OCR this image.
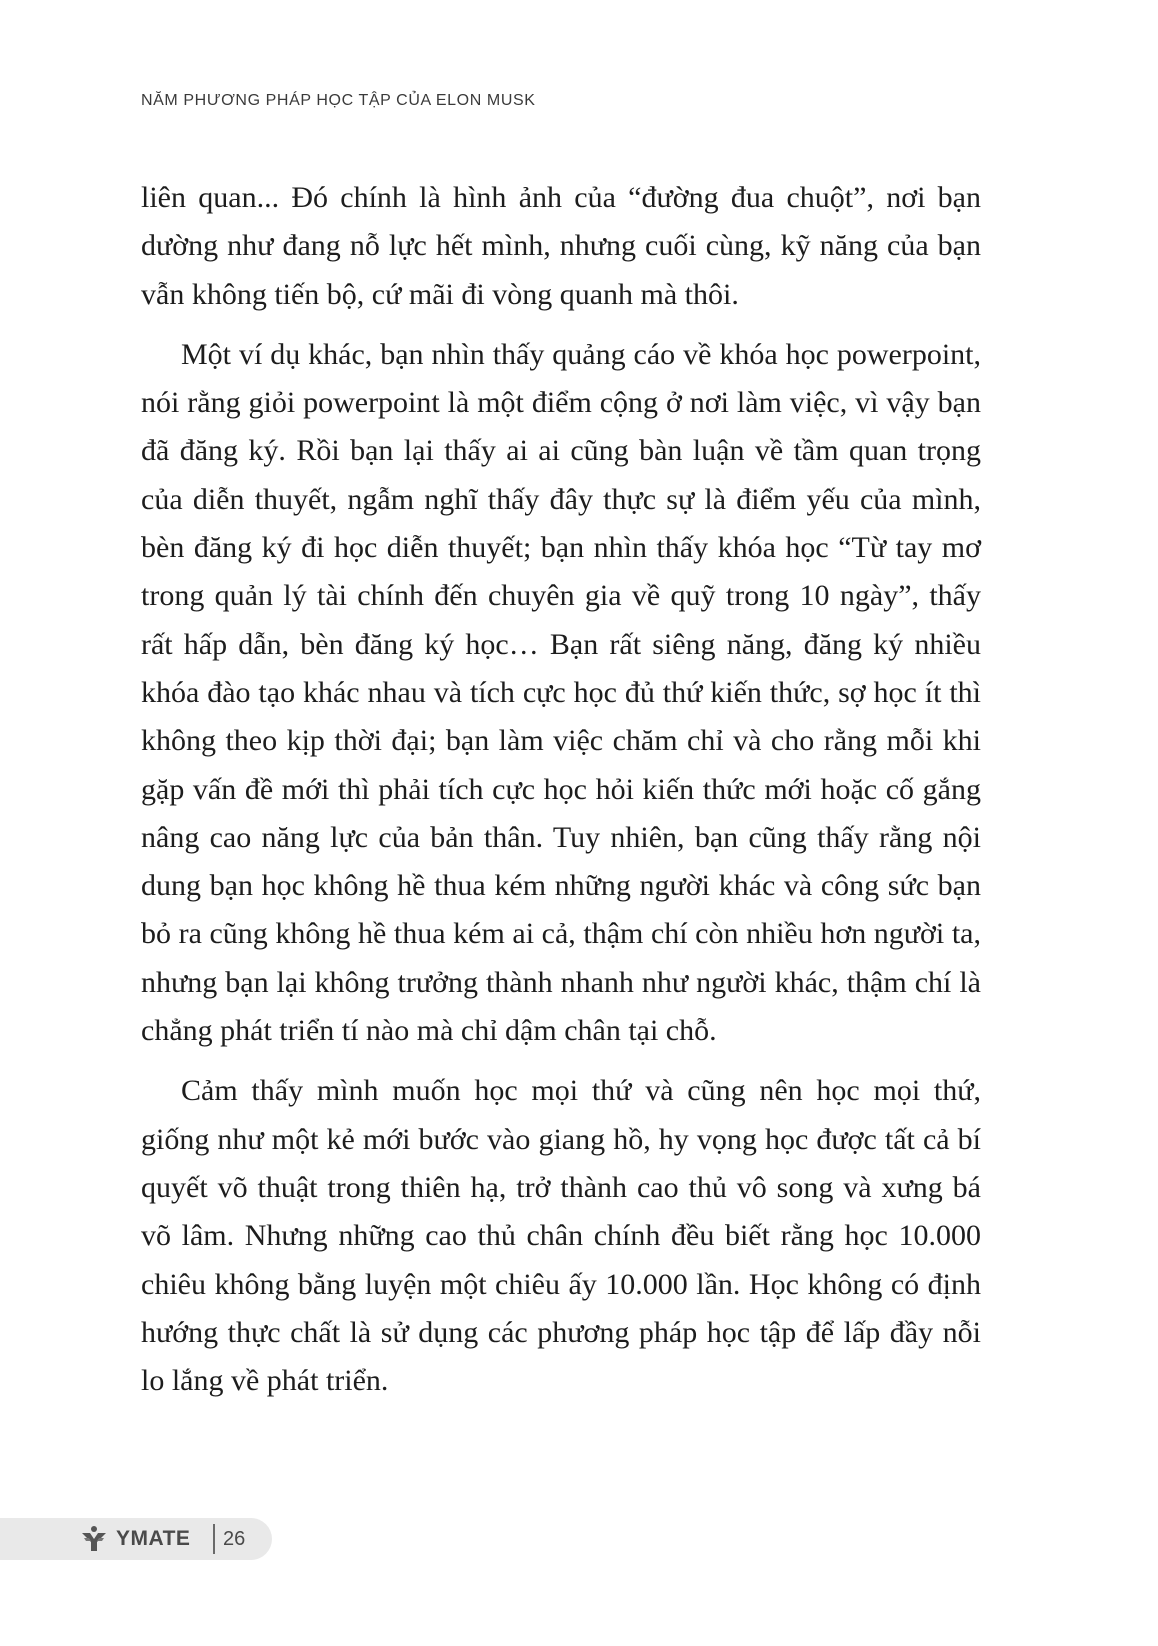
NĂM PHƯƠNG PHÁP HỌC TẬP CỦA ELON MUSK

liên quan... Đó chính là hình ảnh của “đường đua chuột”, nơi bạn dường như đang nỗ lực hết mình, nhưng cuối cùng, kỹ năng của bạn vẫn không tiến bộ, cứ mãi đi vòng quanh mà thôi.

Một ví dụ khác, bạn nhìn thấy quảng cáo về khóa học powerpoint, nói rằng giỏi powerpoint là một điểm cộng ở nơi làm việc, vì vậy bạn đã đăng ký. Rồi bạn lại thấy ai ai cũng bàn luận về tầm quan trọng của diễn thuyết, ngẫm nghĩ thấy đây thực sự là điểm yếu của mình, bèn đăng ký đi học diễn thuyết; bạn nhìn thấy khóa học “Từ tay mơ trong quản lý tài chính đến chuyên gia về quỹ trong 10 ngày”, thấy rất hấp dẫn, bèn đăng ký học… Bạn rất siêng năng, đăng ký nhiều khóa đào tạo khác nhau và tích cực học đủ thứ kiến thức, sợ học ít thì không theo kịp thời đại; bạn làm việc chăm chỉ và cho rằng mỗi khi gặp vấn đề mới thì phải tích cực học hỏi kiến thức mới hoặc cố gắng nâng cao năng lực của bản thân. Tuy nhiên, bạn cũng thấy rằng nội dung bạn học không hề thua kém những người khác và công sức bạn bỏ ra cũng không hề thua kém ai cả, thậm chí còn nhiều hơn người ta, nhưng bạn lại không trưởng thành nhanh như người khác, thậm chí là chẳng phát triển tí nào mà chỉ dậm chân tại chỗ.

Cảm thấy mình muốn học mọi thứ và cũng nên học mọi thứ, giống như một kẻ mới bước vào giang hồ, hy vọng học được tất cả bí quyết võ thuật trong thiên hạ, trở thành cao thủ vô song và xưng bá võ lâm. Nhưng những cao thủ chân chính đều biết rằng học 10.000 chiêu không bằng luyện một chiêu ấy 10.000 lần. Học không có định hướng thực chất là sử dụng các phương pháp học tập để lấp đầy nỗi lo lắng về phát triển.

YMATE 26
